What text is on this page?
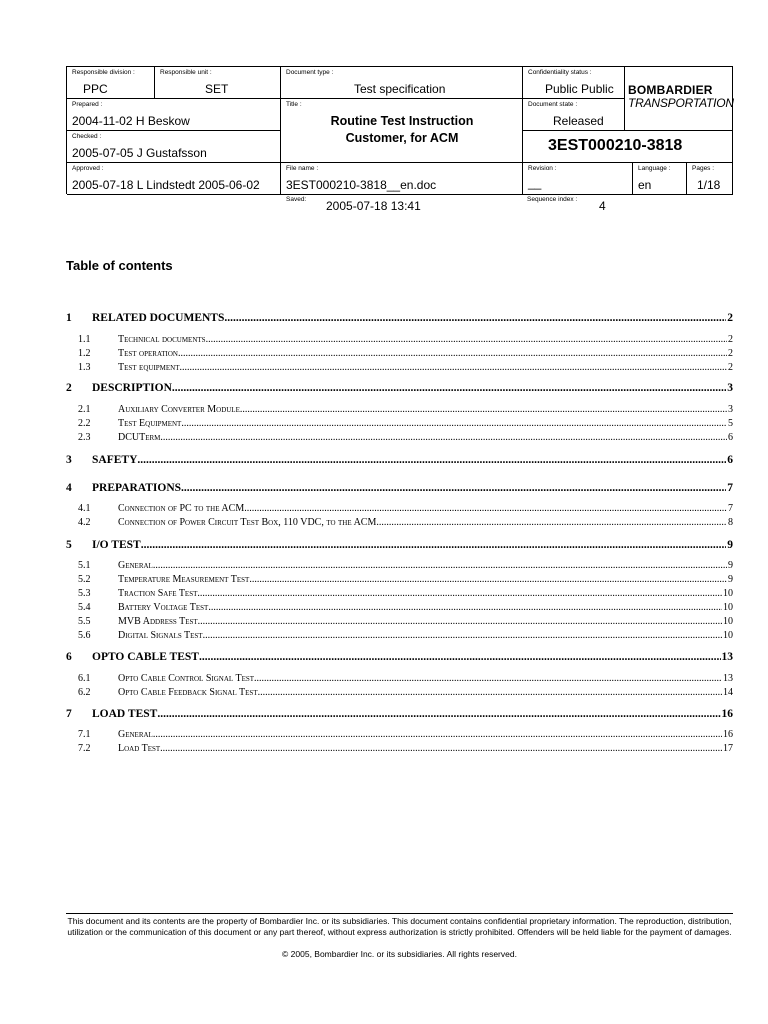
Responsible division :
PPC
Responsible unit :
SET
Document type :
Test specification
Confidentiality status :
Public Public
Prepared :
2004-11-02 H Beskow
Title :
Routine Test Instruction
Customer, for ACM
Document state :
Released
Checked :
2005-07-05 J Gustafsson	3EST000210-3818
Approved :
2005-07-18 L Lindstedt 2005-06-02
File name :
3EST000210-3818__en.doc
Revision :
__
Language :
en
Pages :
1/18
BOMBARDIER
TRANSPORTATION
Saved: 2005-07-18 13:41	Sequence index : 4
Table of contents
1	RELATED DOCUMENTS .....	2
1.1	Technical documents .....	2
1.2	Test operation .....	2
1.3	Test equipment .....	2
2	DESCRIPTION .....	3
2.1	Auxiliary Converter Module .....	3
2.2	Test Equipment .....	5
2.3	DCUTerm .....	6
3	SAFETY .....	6
4	PREPARATIONS .....	7
4.1	Connection of PC to the ACM .....	7
4.2	Connection of Power Circuit Test Box, 110 VDC, to the ACM .....	8
5	I/O TEST .....	9
5.1	General .....	9
5.2	Temperature Measurement Test .....	9
5.3	Traction Safe Test .....	10
5.4	Battery Voltage Test .....	10
5.5	MVB Address Test .....	10
5.6	Digital Signals Test .....	10
6	OPTO CABLE TEST .....	13
6.1	Opto Cable Control Signal Test .....	13
6.2	Opto Cable Feedback Signal Test .....	14
7	LOAD TEST .....	16
7.1	General .....	16
7.2	Load Test .....	17
This document and its contents are the property of Bombardier Inc. or its subsidiaries. This document contains confidential proprietary information. The reproduction, distribution, utilization or the communication of this document or any part thereof, without express authorization is strictly prohibited. Offenders will be held liable for the payment of damages.
© 2005, Bombardier Inc. or its subsidiaries. All rights reserved.
